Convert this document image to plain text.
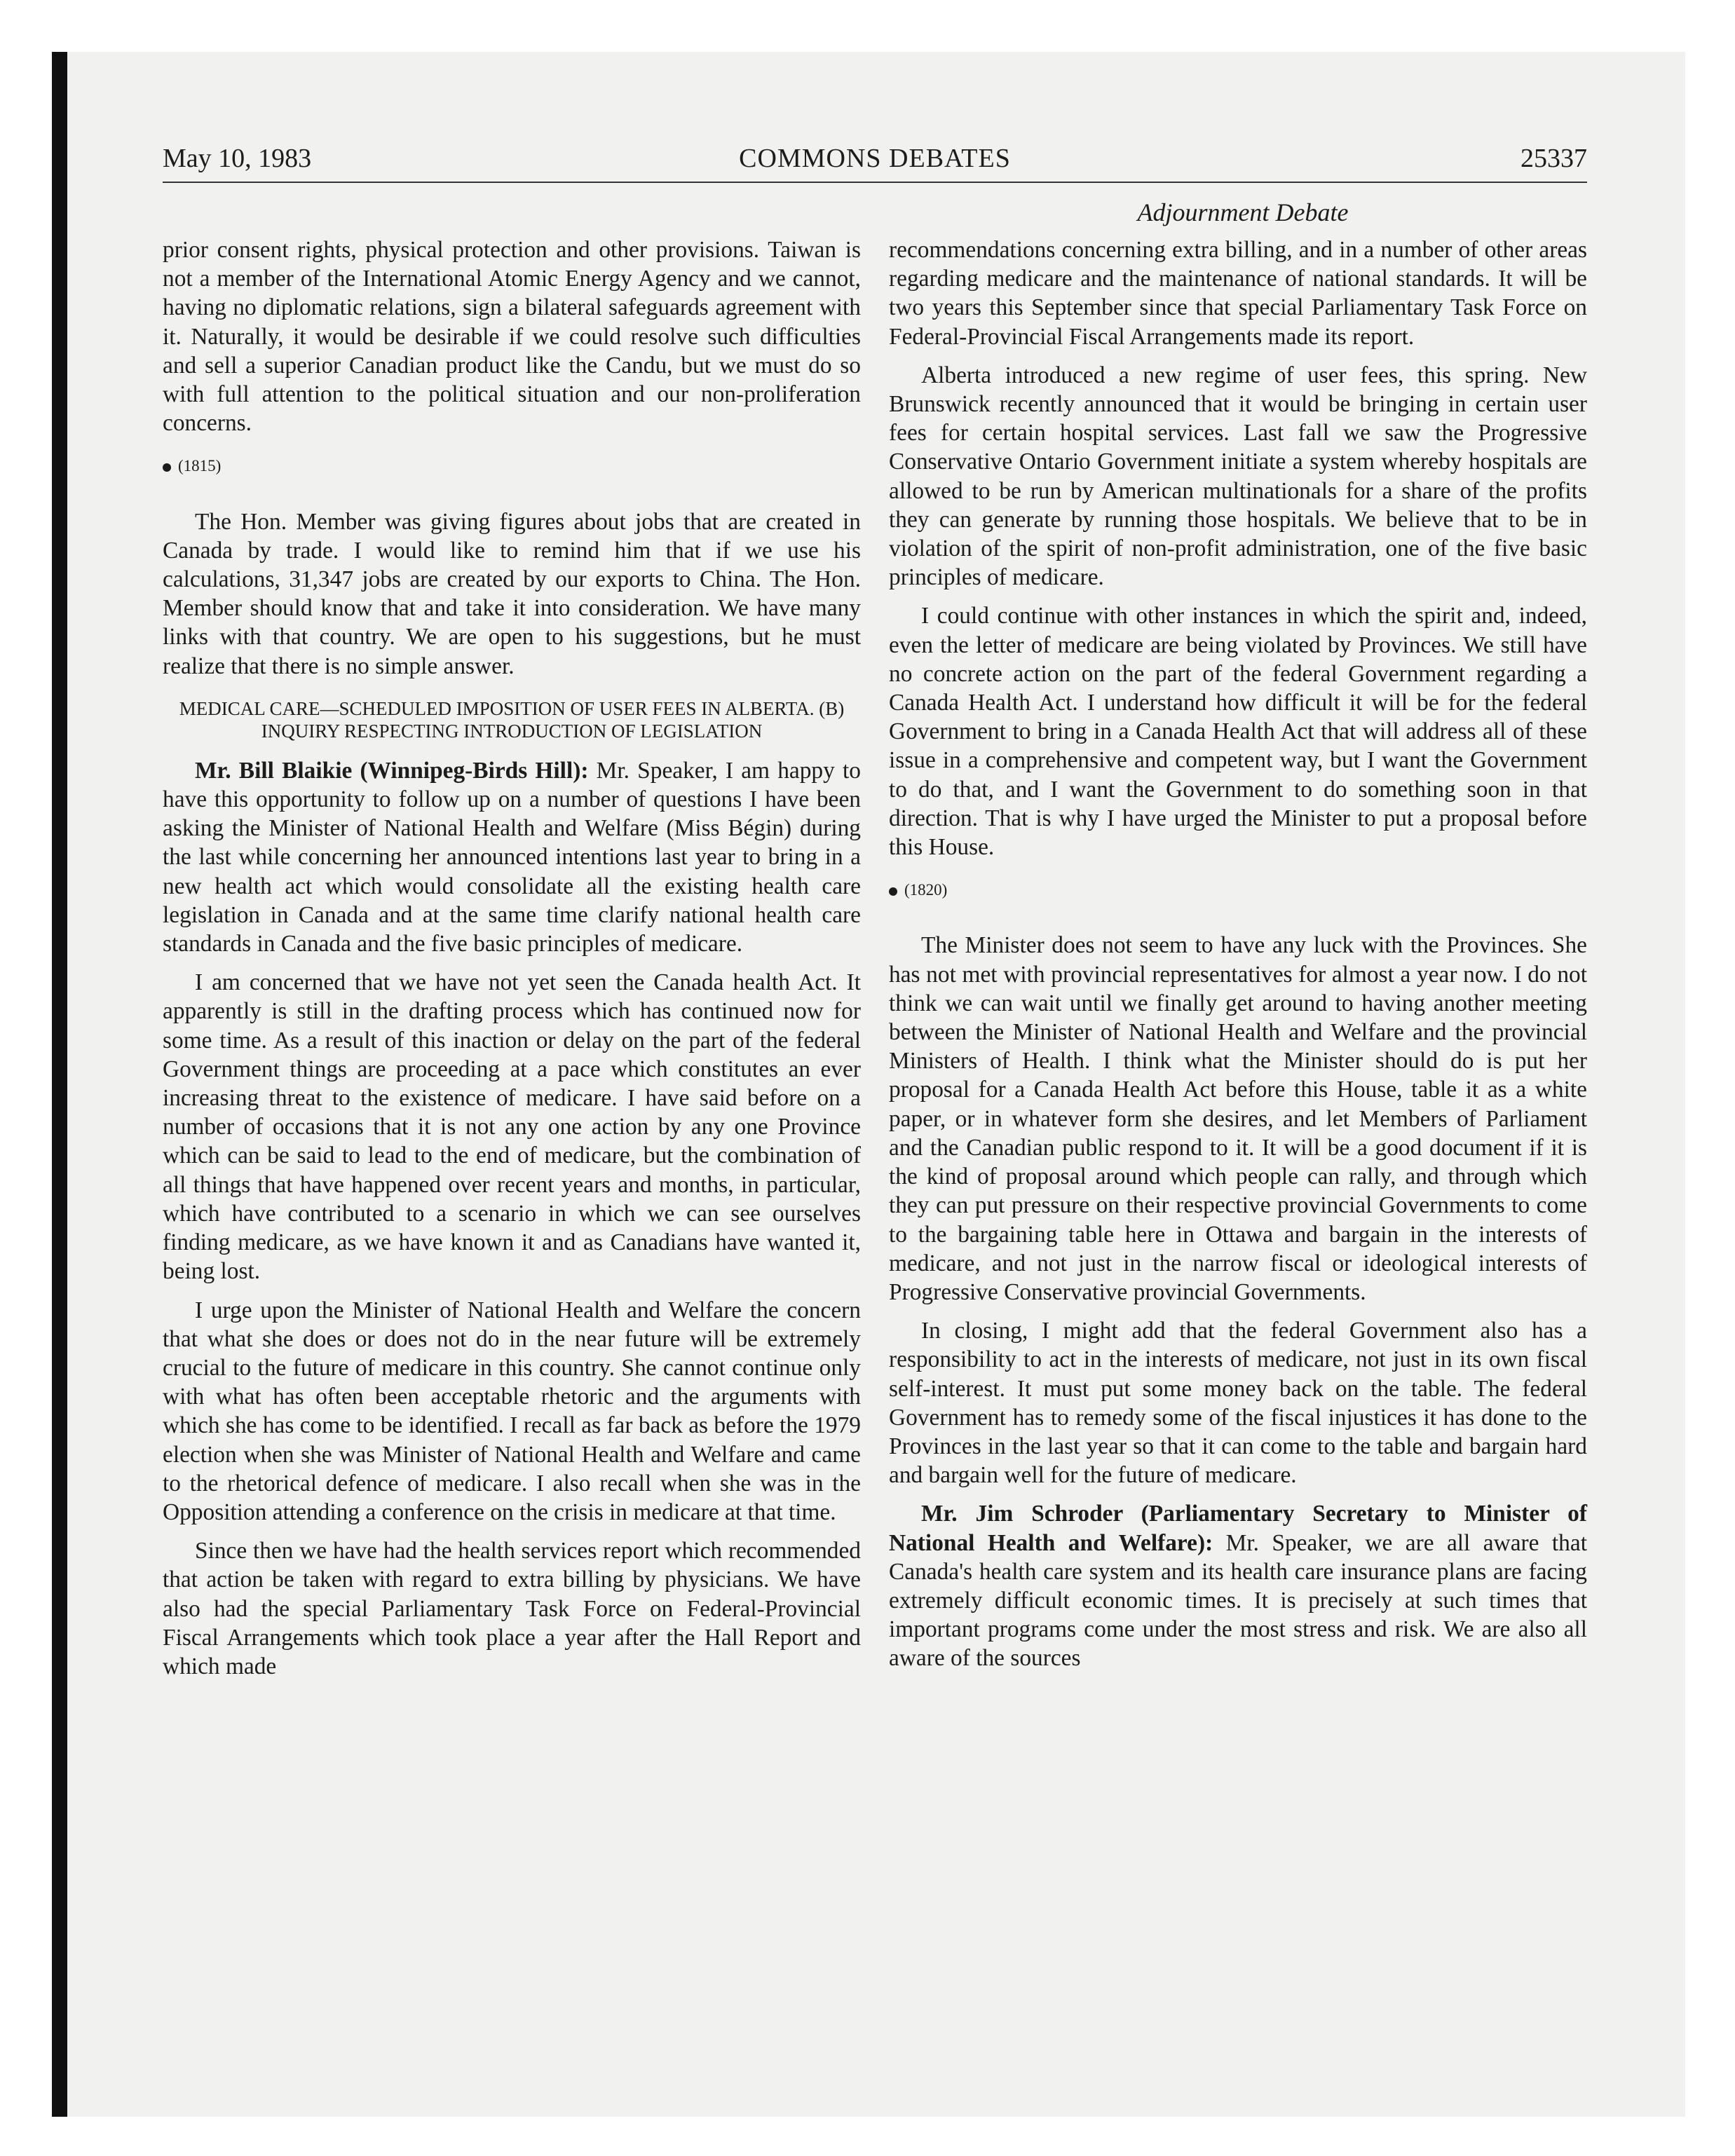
May 10, 1983	COMMONS DEBATES	25337
Adjournment Debate

prior consent rights, physical protection and other provisions. Taiwan is not a member of the International Atomic Energy Agency and we cannot, having no diplomatic relations, sign a bilateral safeguards agreement with it. Naturally, it would be desirable if we could resolve such difficulties and sell a superior Canadian product like the Candu, but we must do so with full attention to the political situation and our non-proliferation concerns.

(1815)

The Hon. Member was giving figures about jobs that are created in Canada by trade. I would like to remind him that if we use his calculations, 31,347 jobs are created by our exports to China. The Hon. Member should know that and take it into consideration. We have many links with that country. We are open to his suggestions, but he must realize that there is no simple answer.

MEDICAL CARE—SCHEDULED IMPOSITION OF USER FEES IN ALBERTA. (B) INQUIRY RESPECTING INTRODUCTION OF LEGISLATION

Mr. Bill Blaikie (Winnipeg-Birds Hill): Mr. Speaker, I am happy to have this opportunity to follow up on a number of questions I have been asking the Minister of National Health and Welfare (Miss Bégin) during the last while concerning her announced intentions last year to bring in a new health act which would consolidate all the existing health care legislation in Canada and at the same time clarify national health care standards in Canada and the five basic principles of medicare.

I am concerned that we have not yet seen the Canada health Act. It apparently is still in the drafting process which has continued now for some time. As a result of this inaction or delay on the part of the federal Government things are proceeding at a pace which constitutes an ever increasing threat to the existence of medicare. I have said before on a number of occasions that it is not any one action by any one Province which can be said to lead to the end of medicare, but the combination of all things that have happened over recent years and months, in particular, which have contributed to a scenario in which we can see ourselves finding medicare, as we have known it and as Canadians have wanted it, being lost.

I urge upon the Minister of National Health and Welfare the concern that what she does or does not do in the near future will be extremely crucial to the future of medicare in this country. She cannot continue only with what has often been acceptable rhetoric and the arguments with which she has come to be identified. I recall as far back as before the 1979 election when she was Minister of National Health and Welfare and came to the rhetorical defence of medicare. I also recall when she was in the Opposition attending a conference on the crisis in medicare at that time.

Since then we have had the health services report which recommended that action be taken with regard to extra billing by physicians. We have also had the special Parliamentary Task Force on Federal-Provincial Fiscal Arrangements which took place a year after the Hall Report and which made

recommendations concerning extra billing, and in a number of other areas regarding medicare and the maintenance of national standards. It will be two years this September since that special Parliamentary Task Force on Federal-Provincial Fiscal Arrangements made its report.

Alberta introduced a new regime of user fees, this spring. New Brunswick recently announced that it would be bringing in certain user fees for certain hospital services. Last fall we saw the Progressive Conservative Ontario Government initiate a system whereby hospitals are allowed to be run by American multinationals for a share of the profits they can generate by running those hospitals. We believe that to be in violation of the spirit of non-profit administration, one of the five basic principles of medicare.

I could continue with other instances in which the spirit and, indeed, even the letter of medicare are being violated by Provinces. We still have no concrete action on the part of the federal Government regarding a Canada Health Act. I understand how difficult it will be for the federal Government to bring in a Canada Health Act that will address all of these issue in a comprehensive and competent way, but I want the Government to do that, and I want the Government to do something soon in that direction. That is why I have urged the Minister to put a proposal before this House.

(1820)

The Minister does not seem to have any luck with the Provinces. She has not met with provincial representatives for almost a year now. I do not think we can wait until we finally get around to having another meeting between the Minister of National Health and Welfare and the provincial Ministers of Health. I think what the Minister should do is put her proposal for a Canada Health Act before this House, table it as a white paper, or in whatever form she desires, and let Members of Parliament and the Canadian public respond to it. It will be a good document if it is the kind of proposal around which people can rally, and through which they can put pressure on their respective provincial Governments to come to the bargaining table here in Ottawa and bargain in the interests of medicare, and not just in the narrow fiscal or ideological interests of Progressive Conservative provincial Governments.

In closing, I might add that the federal Government also has a responsibility to act in the interests of medicare, not just in its own fiscal self-interest. It must put some money back on the table. The federal Government has to remedy some of the fiscal injustices it has done to the Provinces in the last year so that it can come to the table and bargain hard and bargain well for the future of medicare.

Mr. Jim Schroder (Parliamentary Secretary to Minister of National Health and Welfare): Mr. Speaker, we are all aware that Canada's health care system and its health care insurance plans are facing extremely difficult economic times. It is precisely at such times that important programs come under the most stress and risk. We are also all aware of the sources
